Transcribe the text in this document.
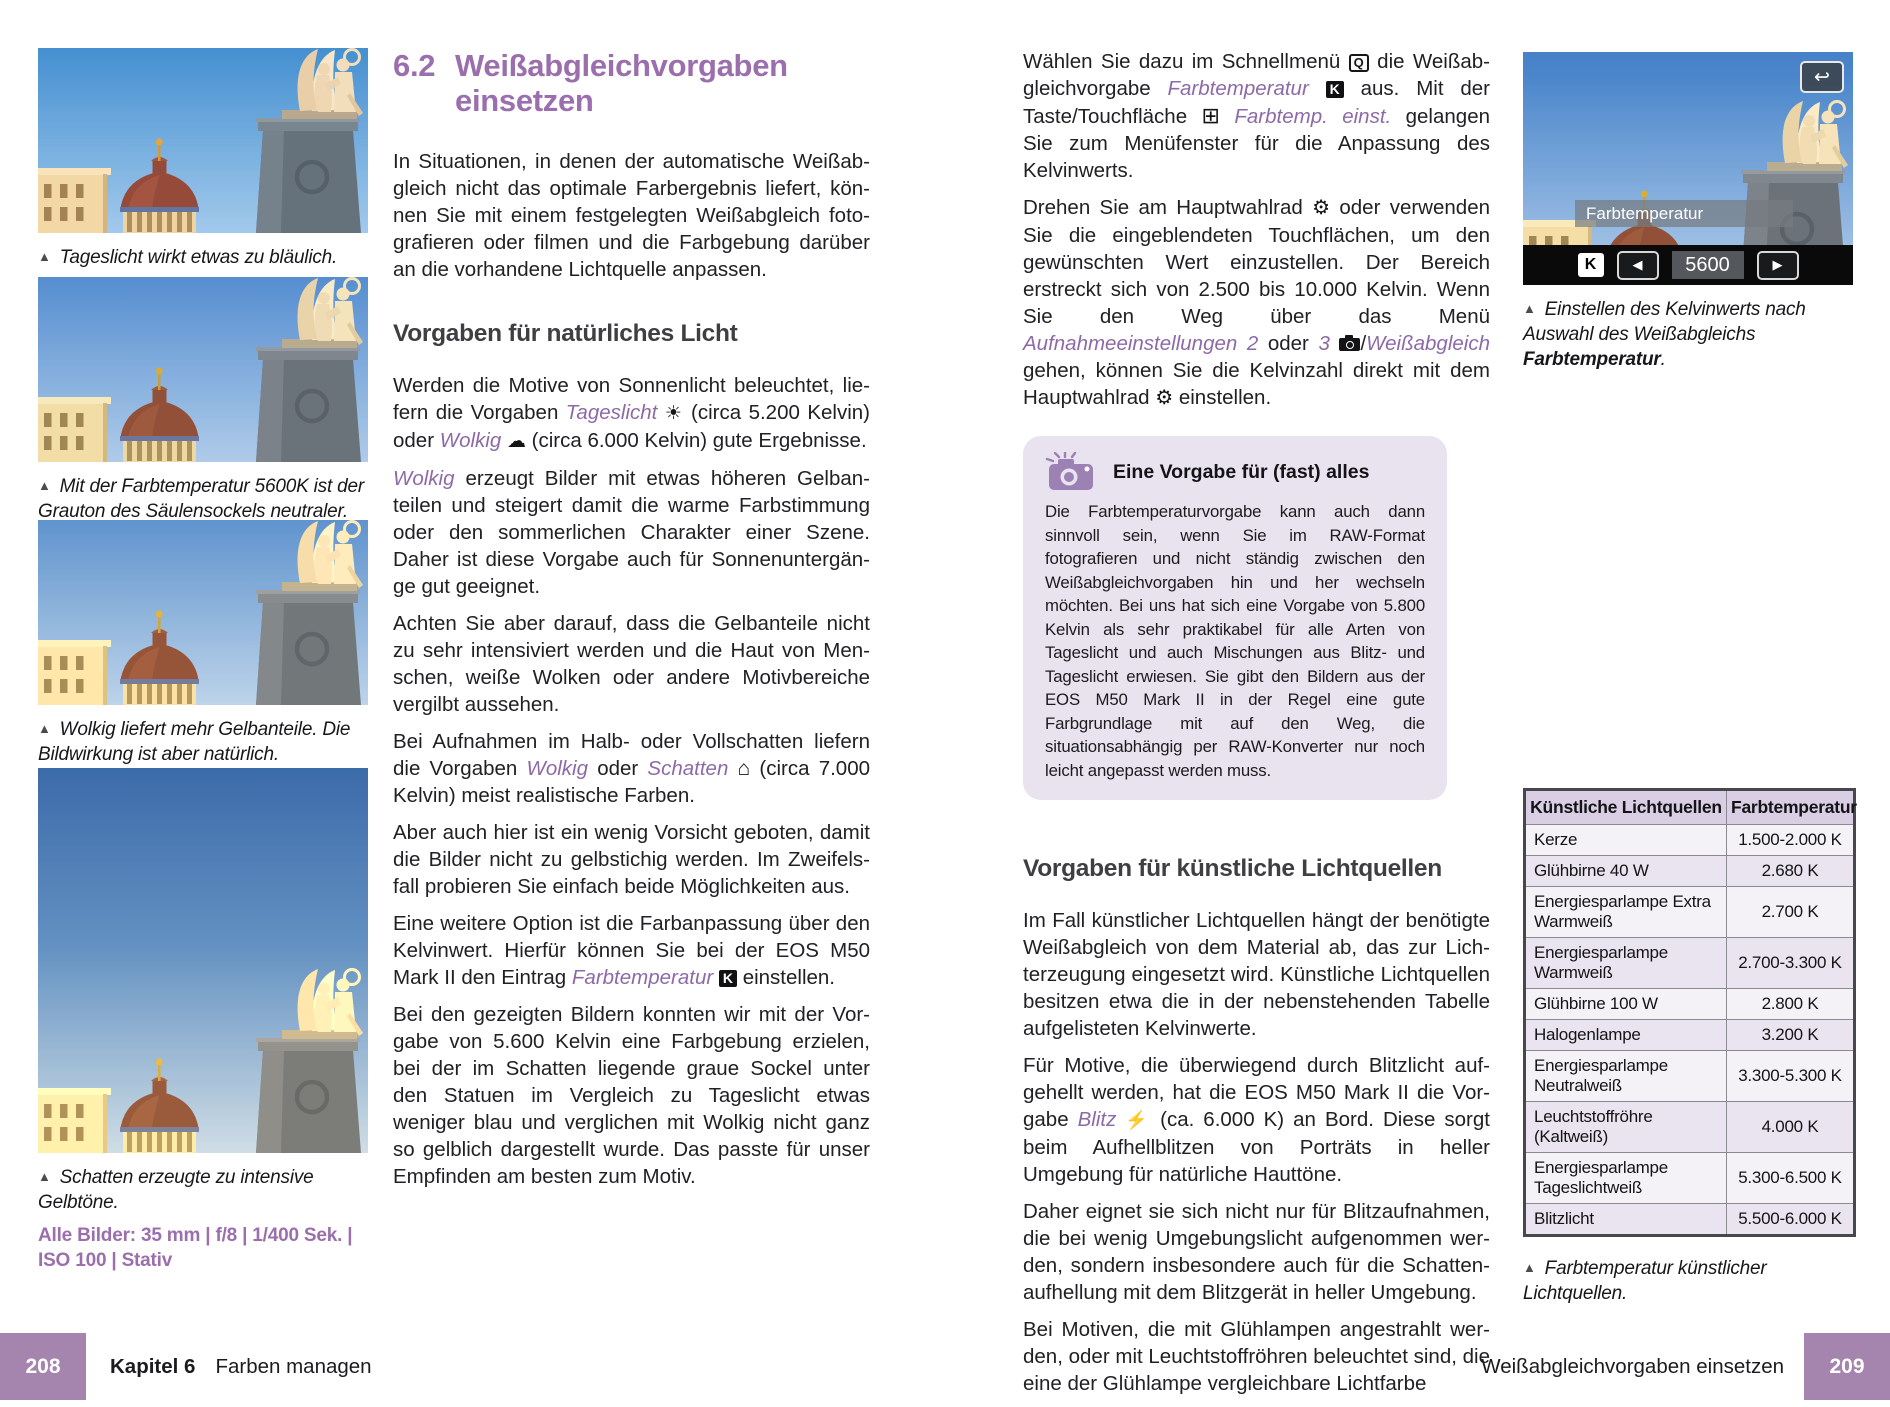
▲ Tageslicht wirkt etwas zu bläulich.
▲ Mit der Farbtemperatur 5600K ist der Grauton des Säulensockels neutraler.
▲ Wolkig liefert mehr Gelbanteile. Die Bildwirkung ist aber natürlich.
▲ Schatten erzeugte zu intensive Gelbtöne.
Alle Bilder: 35 mm | f/8 | 1/400 Sek. | ISO 100 | Stativ
6.2 Weißabgleichvorgaben einsetzen

In Situationen, in denen der automatische Weißabgleich nicht das optimale Farbergebnis liefert, können Sie mit einem festgelegten Weißabgleich fotografieren oder filmen und die Farbgebung darüber an die vorhandene Lichtquelle anpassen.

Vorgaben für natürliches Licht

Werden die Motive von Sonnenlicht beleuchtet, liefern die Vorgaben Tageslicht ☀ (circa 5.200 Kelvin) oder Wolkig ☁ (circa 6.000 Kelvin) gute Ergebnisse.

Wolkig erzeugt Bilder mit etwas höheren Gelbanteilen und steigert damit die warme Farbstimmung oder den sommerlichen Charakter einer Szene. Daher ist diese Vorgabe auch für Sonnenuntergänge gut geeignet.

Achten Sie aber darauf, dass die Gelbanteile nicht zu sehr intensiviert werden und die Haut von Menschen, weiße Wolken oder andere Motivbereiche vergilbt aussehen.

Bei Aufnahmen im Halb- oder Vollschatten liefern die Vorgaben Wolkig oder Schatten ⌂ (circa 7.000 Kelvin) meist realistische Farben.

Aber auch hier ist ein wenig Vorsicht geboten, damit die Bilder nicht zu gelbstichig werden. Im Zweifelsfall probieren Sie einfach beide Möglichkeiten aus.

Eine weitere Option ist die Farbanpassung über den Kelvinwert. Hierfür können Sie bei der EOS M50 Mark II den Eintrag Farbtemperatur K einstellen.

Bei den gezeigten Bildern konnten wir mit der Vorgabe von 5.600 Kelvin eine Farbgebung erzielen, bei der im Schatten liegende graue Sockel unter den Statuen im Vergleich zu Tageslicht etwas weniger blau und verglichen mit Wolkig nicht ganz so gelblich dargestellt wurde. Das passte für unser Empfinden am besten zum Motiv.

Wählen Sie dazu im Schnellmenü Q die Weißabgleichvorgabe Farbtemperatur K aus. Mit der Taste/Touchfläche ⊞ Farbtemp. einst. gelangen Sie zum Menüfenster für die Anpassung des Kelvinwerts.

Drehen Sie am Hauptwahlrad ⚙ oder verwenden Sie die eingeblendeten Touchflächen, um den gewünschten Wert einzustellen. Der Bereich erstreckt sich von 2.500 bis 10.000 Kelvin. Wenn Sie den Weg über das Menü Aufnahmeeinstellungen 2 oder 3 /Weißabgleich gehen, können Sie die Kelvinzahl direkt mit dem Hauptwahlrad ⚙ einstellen.

Eine Vorgabe für (fast) alles
Die Farbtemperaturvorgabe kann auch dann sinnvoll sein, wenn Sie im RAW-Format fotografieren und nicht ständig zwischen den Weißabgleichvorgaben hin und her wechseln möchten. Bei uns hat sich eine Vorgabe von 5.800 Kelvin als sehr praktikabel für alle Arten von Tageslicht und auch Mischungen aus Blitz- und Tageslicht erwiesen. Sie gibt den Bildern aus der EOS M50 Mark II in der Regel eine gute Farbgrundlage mit auf den Weg, die situationsabhängig per RAW-Konverter nur noch leicht angepasst werden muss.
Vorgaben für künstliche Lichtquellen

Im Fall künstlicher Lichtquellen hängt der benötigte Weißabgleich von dem Material ab, das zur Lichterzeugung eingesetzt wird. Künstliche Lichtquellen besitzen etwa die in der nebenstehenden Tabelle aufgelisteten Kelvinwerte.

Für Motive, die überwiegend durch Blitzlicht aufgehellt werden, hat die EOS M50 Mark II die Vorgabe Blitz ⚡ (ca. 6.000 K) an Bord. Diese sorgt beim Aufhellblitzen von Porträts in heller Umgebung für natürliche Hauttöne.

Daher eignet sie sich nicht nur für Blitzaufnahmen, die bei wenig Umgebungslicht aufgenommen werden, sondern insbesondere auch für die Schattenaufhellung mit dem Blitzgerät in heller Umgebung.

Bei Motiven, die mit Glühlampen angestrahlt werden, oder mit Leuchtstoffröhren beleuchtet sind, die eine der Glühlampe vergleichbare Lichtfarbe

↩
Farbtemperatur
K	◀	5600	▶
▲ Einstellen des Kelvinwerts nach Auswahl des Weißabgleichs Farbtemperatur.
Künstliche Lichtquellen	Farbtemperatur
Kerze	1.500-2.000 K
Glühbirne 40 W	2.680 K
Energiesparlampe Extra Warmweiß	2.700 K
Energiesparlampe Warmweiß	2.700-3.300 K
Glühbirne 100 W	2.800 K
Halogenlampe	3.200 K
Energiesparlampe Neutralweiß	3.300-5.300 K
Leuchtstoffröhre (Kaltweiß)	4.000 K
Energiesparlampe Tageslichtweiß	5.300-6.500 K
Blitzlicht	5.500-6.000 K
▲ Farbtemperatur künstlicher Lichtquellen.
208	Kapitel 6 Farben managen	Weißabgleichvorgaben einsetzen	209
